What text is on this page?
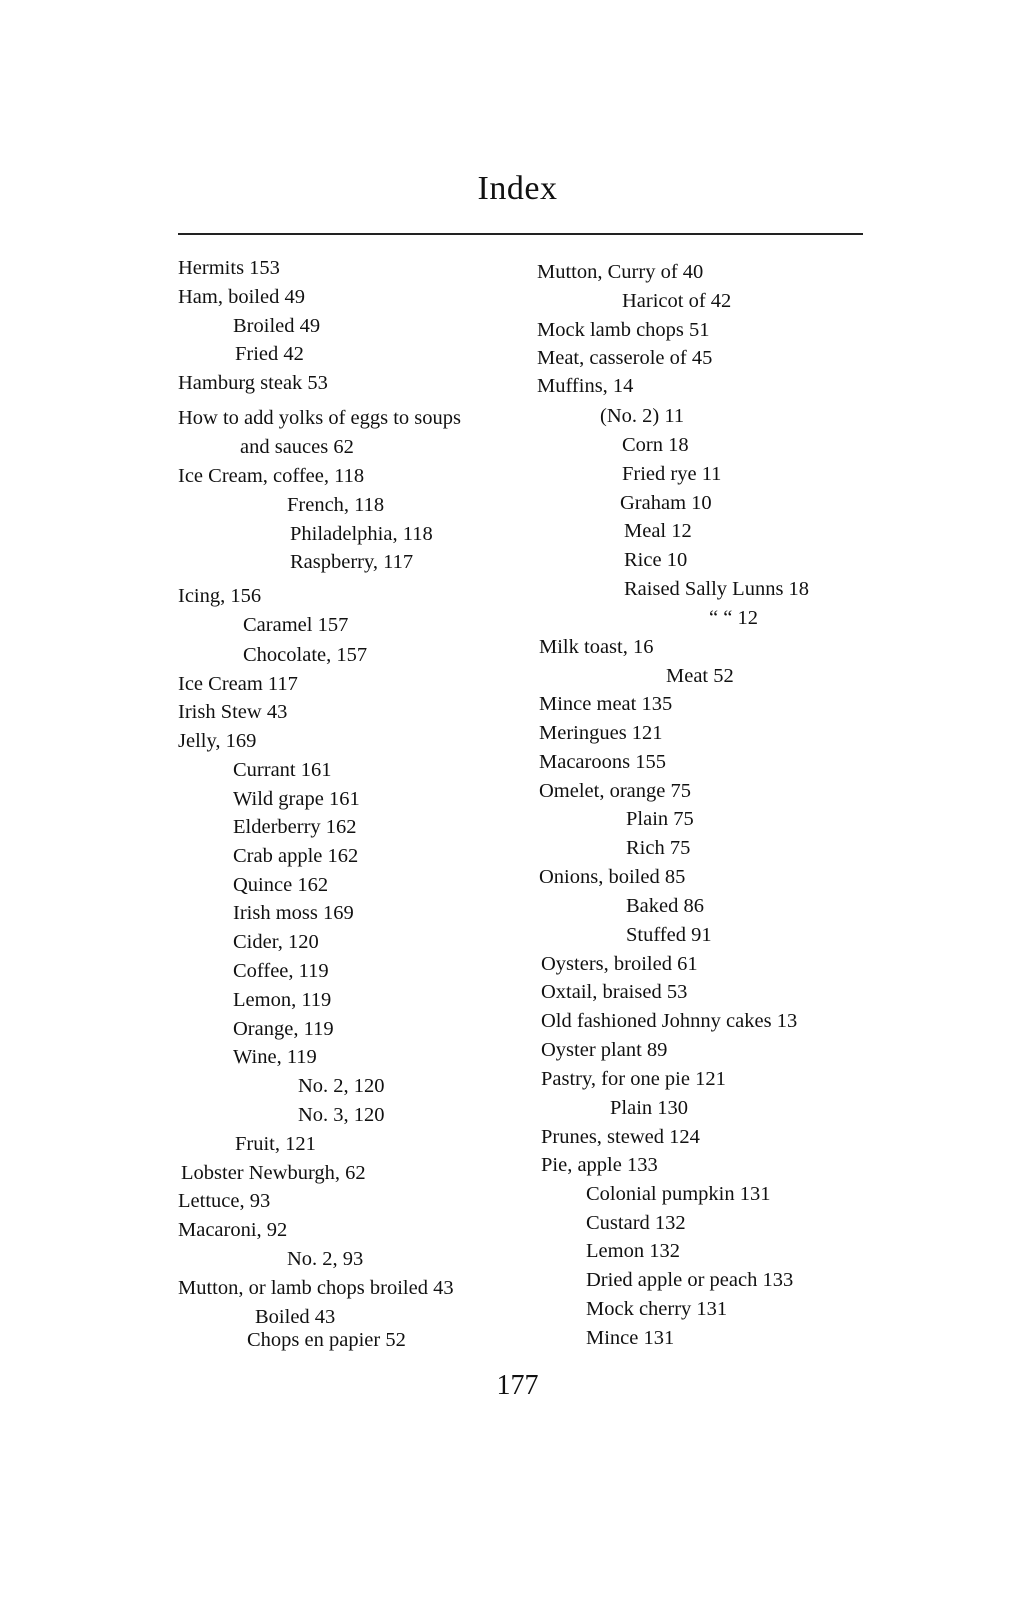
Index
Hermits 153
Ham, boiled 49
Broiled 49
Fried 42
Hamburg steak 53
How to add yolks of eggs to soups
and sauces 62
Ice Cream, coffee, 118
French, 118
Philadelphia, 118
Raspberry, 117
Icing, 156
Caramel 157
Chocolate, 157
Ice Cream 117
Irish Stew 43
Jelly, 169
Currant 161
Wild grape 161
Elderberry 162
Crab apple 162
Quince 162
Irish moss 169
Cider, 120
Coffee, 119
Lemon, 119
Orange, 119
Wine, 119
No. 2, 120
No. 3, 120
Fruit, 121
Lobster Newburgh, 62
Lettuce, 93
Macaroni, 92
No. 2, 93
Mutton, or lamb chops broiled 43
Boiled 43
Chops en papier 52
Mutton, Curry of 40
Haricot of 42
Mock lamb chops 51
Meat, casserole of 45
Muffins, 14
(No. 2) 11
Corn 18
Fried rye 11
Graham 10
Meal 12
Rice 10
Raised Sally Lunns 18
“ “ 12
Milk toast, 16
Meat 52
Mince meat 135
Meringues 121
Macaroons 155
Omelet, orange 75
Plain 75
Rich 75
Onions, boiled 85
Baked 86
Stuffed 91
Oysters, broiled 61
Oxtail, braised 53
Old fashioned Johnny cakes 13
Oyster plant 89
Pastry, for one pie 121
Plain 130
Prunes, stewed 124
Pie, apple 133
Colonial pumpkin 131
Custard 132
Lemon 132
Dried apple or peach 133
Mock cherry 131
Mince 131
177
